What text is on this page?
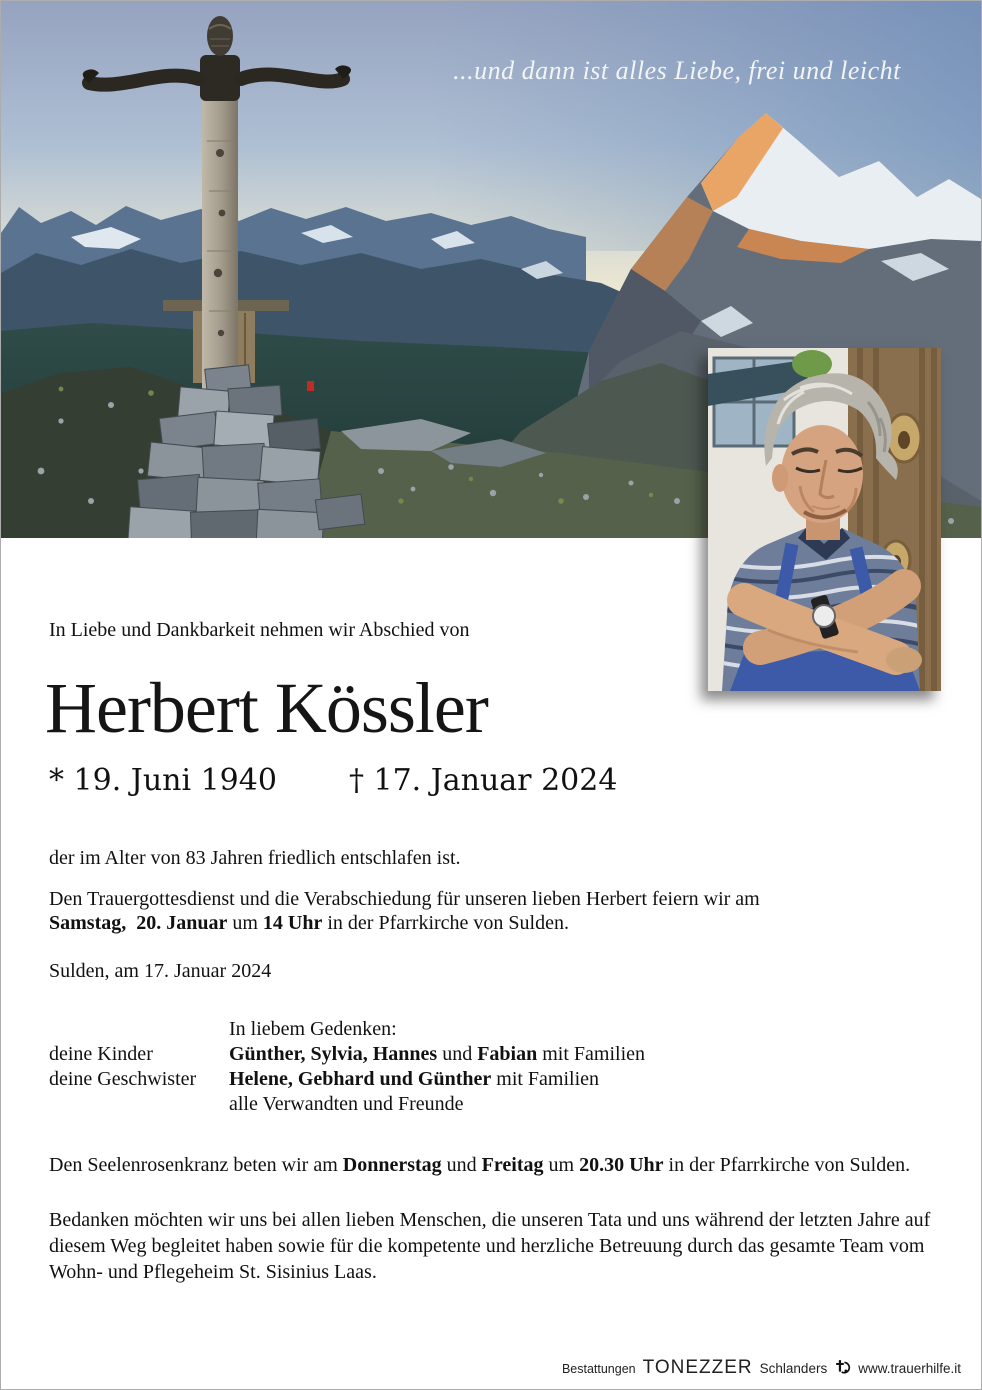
...und dann ist alles Liebe, frei und leicht
In Liebe und Dankbarkeit nehmen wir Abschied von
Herbert Kössler
* 19. Juni 1940 † 17. Januar 2024
der im Alter von 83 Jahren friedlich entschlafen ist.
Den Trauergottesdienst und die Verabschiedung für unseren lieben Herbert feiern wir am
Samstag,  20. Januar um 14 Uhr in der Pfarrkirche von Sulden.
Sulden, am 17. Januar 2024
In liebem Gedenken:
deine Kinder	Günther, Sylvia, Hannes und Fabian mit Familien
deine Geschwister	Helene, Gebhard und Günther mit Familien
alle Verwandten und Freunde
Den Seelenrosenkranz beten wir am Donnerstag und Freitag um 20.30 Uhr in der Pfarrkirche von Sulden.
Bedanken möchten wir uns bei allen lieben Menschen, die unseren Tata und uns während der letzten Jahre auf diesem Weg begleitet haben sowie für die kompetente und herzliche Betreuung durch das gesamte Team vom Wohn- und Pflegeheim St. Sisinius Laas.
Bestattungen TONEZZER Schlanders www.trauerhilfe.it
